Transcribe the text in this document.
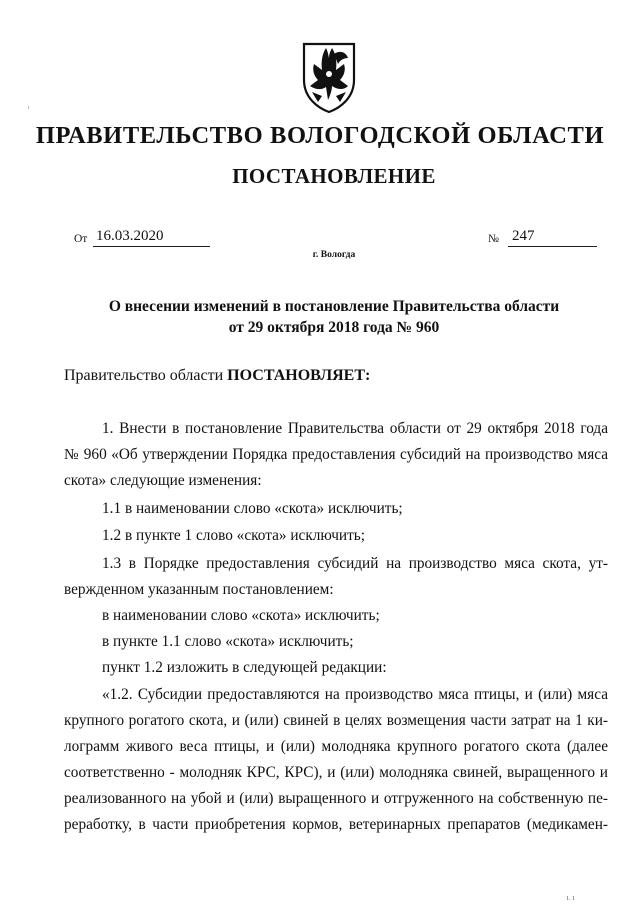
ПРАВИТЕЛЬСТВО ВОЛОГОДСКОЙ ОБЛАСТИ
ПОСТАНОВЛЕНИЕ
От 16.03.2020	№ 247
г. Вологда
О внесении изменений в постановление Правительства области
от 29 октября 2018 года № 960
Правительство области ПОСТАНОВЛЯЕТ:
1. Внести в постановление Правительства области от 29 октября 2018 года
№ 960 «Об утверждении Порядка предоставления субсидий на производство мяса
скота» следующие изменения:
1.1 в наименовании слово «скота» исключить;
1.2 в пункте 1 слово «скота» исключить;
1.3 в Порядке предоставления субсидий на производство мяса скота, ут-
вержденном указанным постановлением:
в наименовании слово «скота» исключить;
в пункте 1.1 слово «скота» исключить;
пункт 1.2 изложить в следующей редакции:
«1.2. Субсидии предоставляются на производство мяса птицы, и (или) мяса
крупного рогатого скота, и (или) свиней в целях возмещения части затрат на 1 ки-
лограмм живого веса птицы, и (или) молодняка крупного рогатого скота (далее
соответственно - молодняк КРС, КРС), и (или) молодняка свиней, выращенного и
реализованного на убой и (или) выращенного и отгруженного на собственную пе-
реработку, в части приобретения кормов, ветеринарных препаратов (медикамен-
1. 1
